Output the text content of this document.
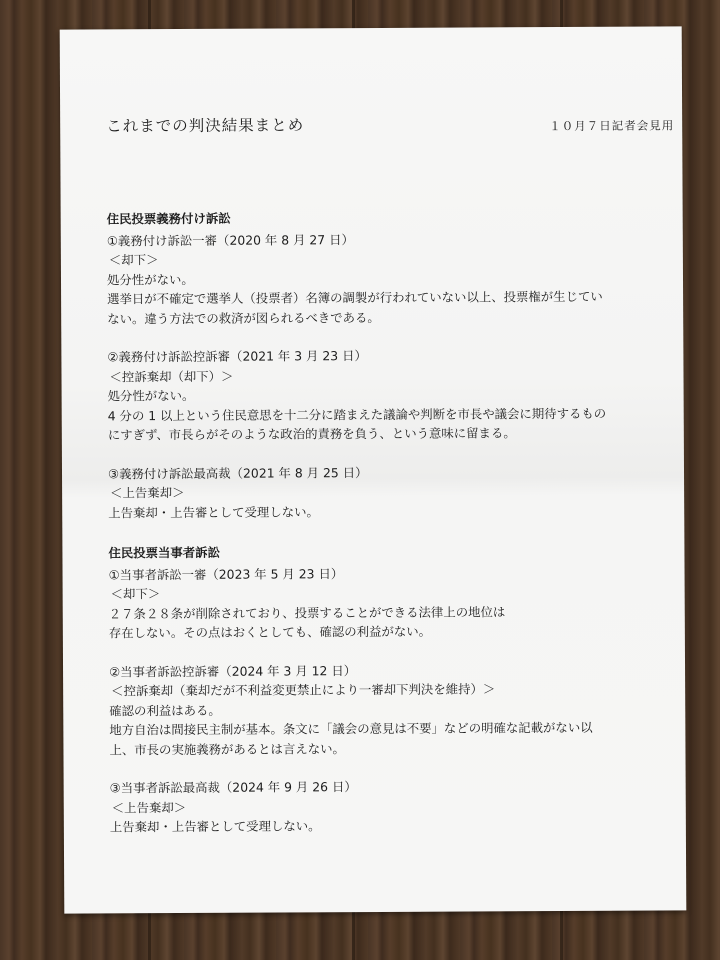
これまでの判決結果まとめ	１０月７日記者会見用

住民投票義務付け訴訟

①義務付け訴訟一審（2020 年 8 月 27 日）

＜却下＞

処分性がない。

選挙日が不確定で選挙人（投票者）名簿の調製が行われていない以上、投票権が生じてい

ない。違う方法での救済が図られるべきである。

②義務付け訴訟控訴審（2021 年 3 月 23 日）

＜控訴棄却（却下）＞

処分性がない。

4 分の 1 以上という住民意思を十二分に踏まえた議論や判断を市長や議会に期待するもの

にすぎず、市長らがそのような政治的責務を負う、という意味に留まる。

③義務付け訴訟最高裁（2021 年 8 月 25 日）

＜上告棄却＞

上告棄却・上告審として受理しない。

住民投票当事者訴訟

①当事者訴訟一審（2023 年 5 月 23 日）

＜却下＞

２７条２８条が削除されており、投票することができる法律上の地位は

存在しない。その点はおくとしても、確認の利益がない。

②当事者訴訟控訴審（2024 年 3 月 12 日）

＜控訴棄却（棄却だが不利益変更禁止により一審却下判決を維持）＞

確認の利益はある。

地方自治は間接民主制が基本。条文に「議会の意見は不要」などの明確な記載がない以

上、市長の実施義務があるとは言えない。

③当事者訴訟最高裁（2024 年 9 月 26 日）

＜上告棄却＞

上告棄却・上告審として受理しない。
